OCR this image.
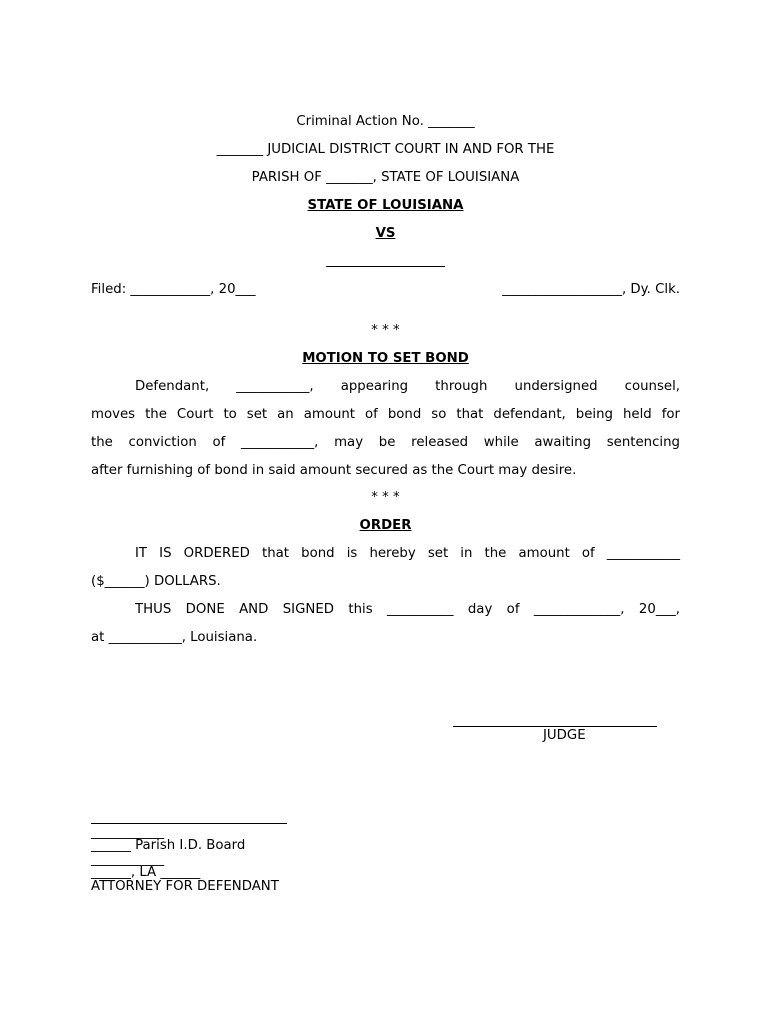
Criminal Action No. _______
_______ JUDICIAL DISTRICT COURT IN AND FOR THE
PARISH OF _______, STATE OF LOUISIANA
STATE OF LOUISIANA
VS
Filed: ____________, 20___	__________________, Dy. Clk.
* * *
MOTION TO SET BOND
Defendant, ___________, appearing through undersigned counsel,
moves the Court to set an amount of bond so that defendant, being held for
the conviction of ___________, may be released while awaiting sentencing
after furnishing of bond in said amount secured as the Court may desire.
* * *
ORDER
IT IS ORDERED that bond is hereby set in the amount of ___________
($______) DOLLARS.
THUS DONE AND SIGNED this __________ day of _____________, 20___,
at ___________, Louisiana.
JUDGE
___________
______ Parish I.D. Board
___________
______, LA ______
ATTORNEY FOR DEFENDANT
